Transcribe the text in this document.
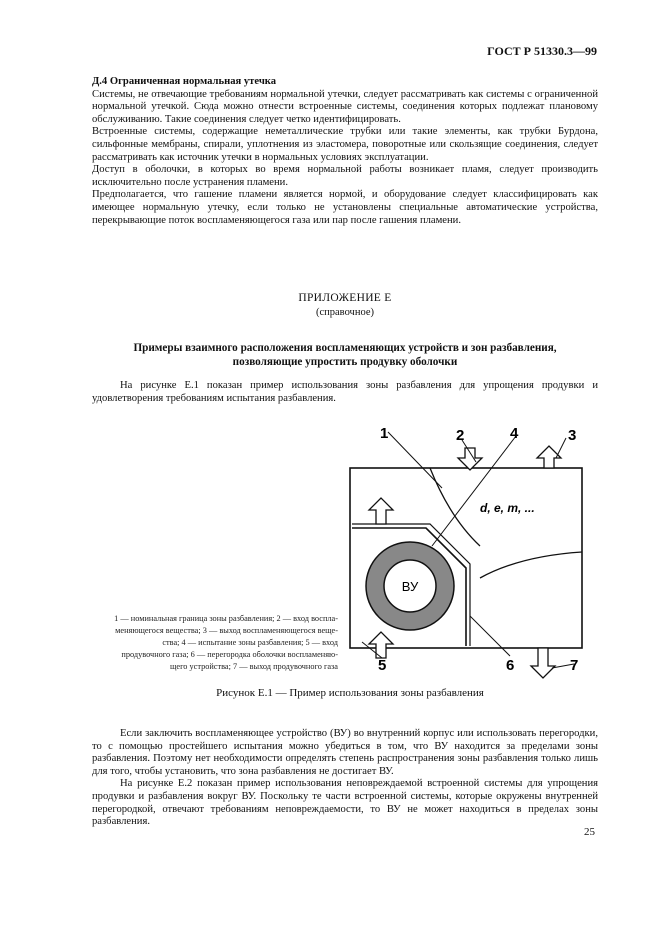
ГОСТ Р 51330.3—99

Д.4 Ограниченная нормальная утечка

Системы, не отвечающие требованиям нормальной утечки, следует рассматривать как системы с ограниченной нормальной утечкой. Сюда можно отнести встроенные системы, соединения которых подлежат плановому обслуживанию. Такие соединения следует четко идентифицировать.

Встроенные системы, содержащие неметаллические трубки или такие элементы, как трубки Бурдона, сильфонные мембраны, спирали, уплотнения из эластомера, поворотные или скользящие соединения, следует рассматривать как источник утечки в нормальных условиях эксплуатации.

Доступ в оболочки, в которых во время нормальной работы возникает пламя, следует производить исключительно после устранения пламени.

Предполагается, что гашение пламени является нормой, и оборудование следует классифицировать как имеющее нормальную утечку, если только не установлены специальные автоматические устройства, перекрывающие поток воспламеняющегося газа или пар после гашения пламени.

ПРИЛОЖЕНИЕ Е
(справочное)
Примеры взаимного расположения воспламеняющих устройств и зон разбавления,
позволяющие упростить продувку оболочки

На рисунке Е.1 показан пример использования зоны разбавления для упрощения продувки и удовлетворения требованиям испытания разбавления.

ВУ
d, e, m, ...
1	2	4	3
5	6	7
1 — номинальная граница зоны разбавления; 2 — вход воспла-
меняющегося вещества; 3 — выход воспламеняющегося веще-
ства; 4 — испытание зоны разбавления; 5 — вход
продувочного газа; 6 — перегородка оболочки воспламеняю-
щего устройства; 7 — выход продувочного газа
Рисунок Е.1 — Пример использования зоны разбавления

Если заключить воспламеняющее устройство (ВУ) во внутренний корпус или использовать перегородки, то с помощью простейшего испытания можно убедиться в том, что ВУ находится за пределами зоны разбавления. Поэтому нет необходимости определять степень распространения зоны разбавления только лишь для того, чтобы установить, что зона разбавления не достигает ВУ.

На рисунке Е.2 показан пример использования неповреждаемой встроенной системы для упрощения продувки и разбавления вокруг ВУ. Поскольку те части встроенной системы, которые окружены внутренней перегородкой, отвечают требованиям неповреждаемости, то ВУ не может находиться в пределах зоны разбавления.

25
